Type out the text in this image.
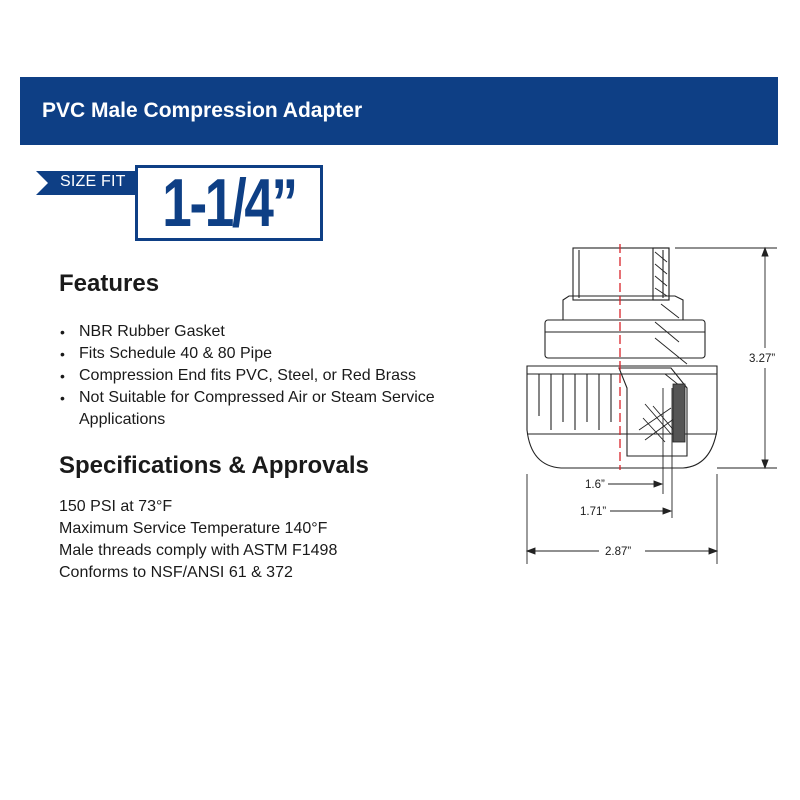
PVC Male Compression Adapter
SIZE FIT 1-1/4”
Features
• NBR Rubber Gasket
• Fits Schedule 40 & 80 Pipe
• Compression End fits PVC, Steel, or Red Brass
• Not Suitable for Compressed Air or Steam Service Applications
Specifications & Approvals
150 PSI at 73°F
Maximum Service Temperature 140°F
Male threads comply with ASTM F1498
Conforms to NSF/ANSI 61 & 372
3.27”
1.6”
1.71”
2.87”
